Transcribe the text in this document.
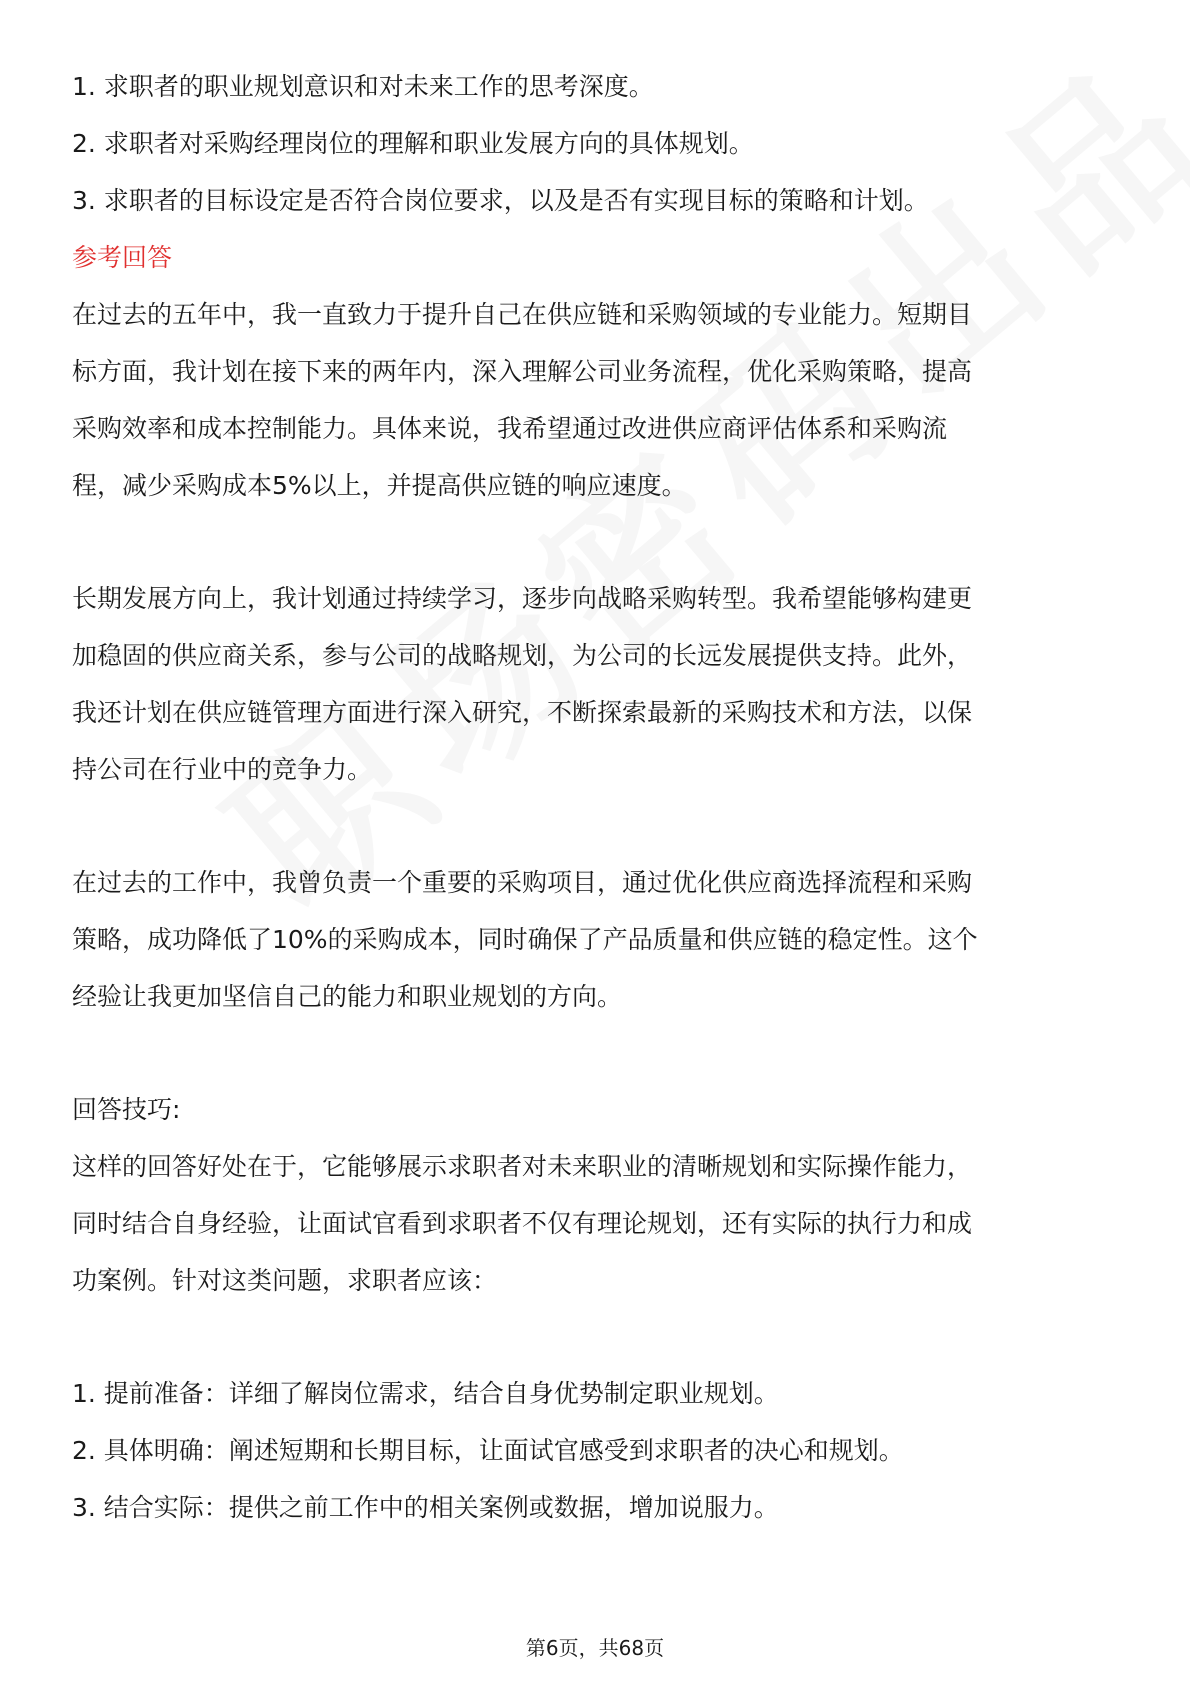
1. 求职者的职业规划意识和对未来工作的思考深度。

2. 求职者对采购经理岗位的理解和职业发展方向的具体规划。

3. 求职者的目标设定是否符合岗位要求，以及是否有实现目标的策略和计划。

参考回答

在过去的五年中，我一直致力于提升自己在供应链和采购领域的专业能力。短期目

标方面，我计划在接下来的两年内，深入理解公司业务流程，优化采购策略，提高

采购效率和成本控制能力。具体来说，我希望通过改进供应商评估体系和采购流

程，减少采购成本5%以上，并提高供应链的响应速度。

长期发展方向上，我计划通过持续学习，逐步向战略采购转型。我希望能够构建更

加稳固的供应商关系，参与公司的战略规划，为公司的长远发展提供支持。此外，

我还计划在供应链管理方面进行深入研究，不断探索最新的采购技术和方法，以保

持公司在行业中的竞争力。

在过去的工作中，我曾负责一个重要的采购项目，通过优化供应商选择流程和采购

策略，成功降低了10%的采购成本，同时确保了产品质量和供应链的稳定性。这个

经验让我更加坚信自己的能力和职业规划的方向。

回答技巧:

这样的回答好处在于，它能够展示求职者对未来职业的清晰规划和实际操作能力，

同时结合自身经验，让面试官看到求职者不仅有理论规划，还有实际的执行力和成

功案例。针对这类问题，求职者应该：

1. 提前准备：详细了解岗位需求，结合自身优势制定职业规划。

2. 具体明确：阐述短期和长期目标，让面试官感受到求职者的决心和规划。

3. 结合实际：提供之前工作中的相关案例或数据，增加说服力。

第6页，共68页
